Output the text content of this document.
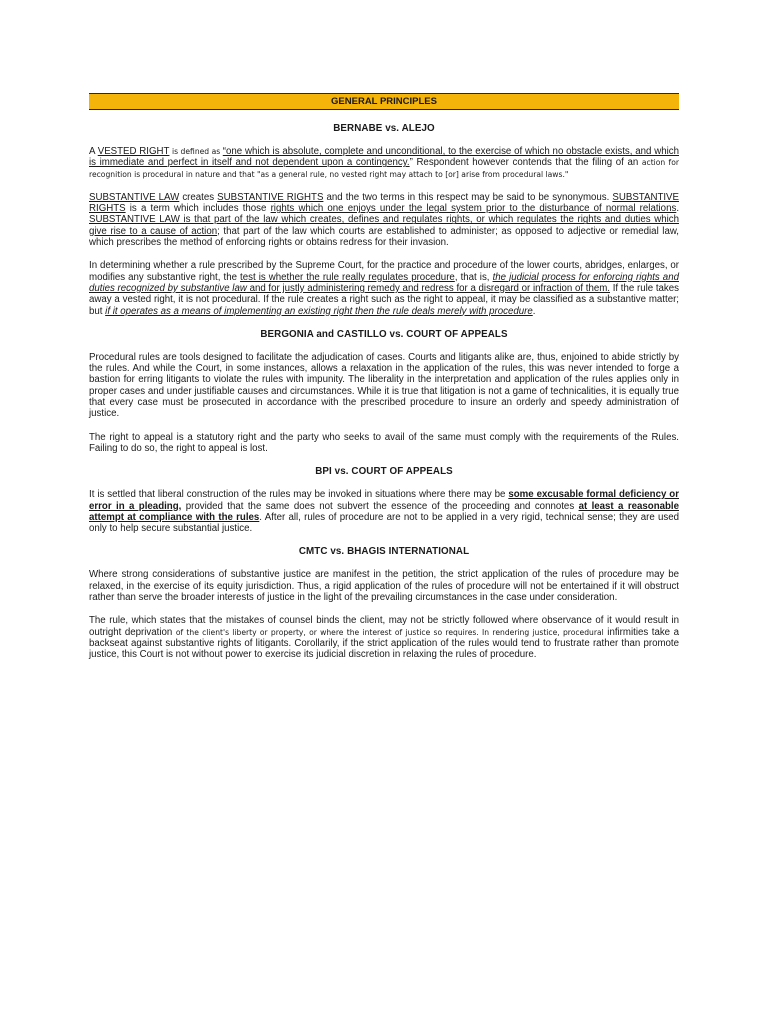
GENERAL PRINCIPLES
BERNABE vs. ALEJO

A VESTED RIGHT is defined as “one which is absolute, complete and unconditional, to the exercise of which no obstacle exists, and which is immediate and perfect in itself and not dependent upon a contingency.” Respondent however contends that the filing of an action for recognition is procedural in nature and that "as a general rule, no vested right may attach to [or] arise from procedural laws."

SUBSTANTIVE LAW creates SUBSTANTIVE RIGHTS and the two terms in this respect may be said to be synonymous. SUBSTANTIVE RIGHTS is a term which includes those rights which one enjoys under the legal system prior to the disturbance of normal relations. SUBSTANTIVE LAW is that part of the law which creates, defines and regulates rights, or which regulates the rights and duties which give rise to a cause of action; that part of the law which courts are established to administer; as opposed to adjective or remedial law, which prescribes the method of enforcing rights or obtains redress for their invasion.

In determining whether a rule prescribed by the Supreme Court, for the practice and procedure of the lower courts, abridges, enlarges, or modifies any substantive right, the test is whether the rule really regulates procedure, that is, the judicial process for enforcing rights and duties recognized by substantive law and for justly administering remedy and redress for a disregard or infraction of them. If the rule takes away a vested right, it is not procedural. If the rule creates a right such as the right to appeal, it may be classified as a substantive matter; but if it operates as a means of implementing an existing right then the rule deals merely with procedure.

BERGONIA and CASTILLO vs. COURT OF APPEALS

Procedural rules are tools designed to facilitate the adjudication of cases. Courts and litigants alike are, thus, enjoined to abide strictly by the rules. And while the Court, in some instances, allows a relaxation in the application of the rules, this was never intended to forge a bastion for erring litigants to violate the rules with impunity. The liberality in the interpretation and application of the rules applies only in proper cases and under justifiable causes and circumstances. While it is true that litigation is not a game of technicalities, it is equally true that every case must be prosecuted in accordance with the prescribed procedure to insure an orderly and speedy administration of justice.

The right to appeal is a statutory right and the party who seeks to avail of the same must comply with the requirements of the Rules. Failing to do so, the right to appeal is lost.

BPI vs. COURT OF APPEALS

It is settled that liberal construction of the rules may be invoked in situations where there may be some excusable formal deficiency or error in a pleading, provided that the same does not subvert the essence of the proceeding and connotes at least a reasonable attempt at compliance with the rules. After all, rules of procedure are not to be applied in a very rigid, technical sense; they are used only to help secure substantial justice.

CMTC vs. BHAGIS INTERNATIONAL

Where strong considerations of substantive justice are manifest in the petition, the strict application of the rules of procedure may be relaxed, in the exercise of its equity jurisdiction. Thus, a rigid application of the rules of procedure will not be entertained if it will obstruct rather than serve the broader interests of justice in the light of the prevailing circumstances in the case under consideration.

The rule, which states that the mistakes of counsel binds the client, may not be strictly followed where observance of it would result in outright deprivation of the client's liberty or property, or where the interest of justice so requires. In rendering justice, procedural infirmities take a backseat against substantive rights of litigants. Corollarily, if the strict application of the rules would tend to frustrate rather than promote justice, this Court is not without power to exercise its judicial discretion in relaxing the rules of procedure.
